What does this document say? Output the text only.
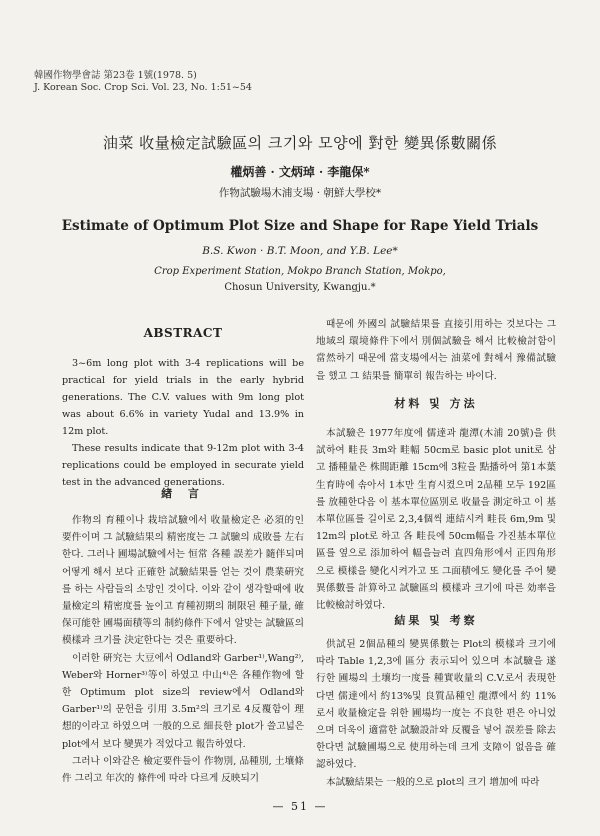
韓國作物學會誌 第23卷 1號(1978. 5)
J. Korean Soc. Crop Sci. Vol. 23, No. 1:51~54
油菜 收量檢定試驗區의 크기와 모양에 對한 變異係數關係
權炳善 · 文炳琸 · 李龍保*
作物試驗場木浦支場 · 朝鮮大學校*
Estimate of Optimum Plot Size and Shape for Rape Yield Trials
B.S. Kwon · B.T. Moon, and Y.B. Lee*
Crop Experiment Station, Mokpo Branch Station, Mokpo,
Chosun University, Kwangju.*
ABSTRACT

3~6m long plot with 3-4 replications will be practical for yield trials in the early hybrid generations. The C.V. values with 9m long plot was about 6.6% in variety Yudal and 13.9% in 12m plot.

These results indicate that 9-12m plot with 3-4 replications could be employed in securate yield test in the advanced generations.

緖 言

作物의 育種이나 栽培試驗에서 收量檢定은 必須的인 要件이며 그 試驗結果의 精密度는 그 試驗의 成敗를 左右한다. 그러나 圃場試驗에서는 恒常 各種 誤差가 隨伴되며 어떻게 해서 보다 正確한 試驗結果를 얻는 것이 農業硏究를 하는 사람들의 소망인 것이다. 이와 같이 생각할때에 收量檢定의 精密度를 높이고 育種初期의 制限된 種子量, 確保可能한 圃場面積等의 制約條件下에서 알맞는 試驗區의 模樣과 크기를 決定한다는 것은 重要하다.

이러한 硏究는 大豆에서 Odland와 Garber¹⁾,Wang²⁾, Weber와 Horner³⁾等이 하였고 中山⁴⁾은 各種作物에 할한 Optimum plot size의 review에서 Odland와 Garber¹⁾의 문헌을 引用 3.5m²의 크기로 4反覆함이 理想的이라고 하였으며 一般的으로 細長한 plot가 쓸고넓은 plot에서 보다 變異가 적었다고 報告하였다.

그러나 이와같은 檢定要件들이 作物別, 品種別, 土壤條件 그리고 年次的 條件에 따라 다르게 反映되기

때문에 外國의 試驗結果를 直接引用하는 것보다는 그 地域의 環境條件下에서 別個試驗을 해서 比較檢討함이 當然하기 때문에 當支場에서는 油菜에 對해서 豫備試驗을 했고 그 結果를 簡單히 報告하는 바이다.

材料 및 方法

本試驗은 1977年度에 儒達과 龍潭(木浦 20號)을 供試하여 畦長 3m와 畦幅 50cm로 basic plot unit로 삼고 播種量은 株間距離 15cm에 3粒을 點播하여 第1本葉 生育時에 솎아서 1本만 生育시켰으며 2品種 모두 192區를 放種한다음 이 基本單位區別로 收量을 測定하고 이 基本單位區를 길이로 2,3,4個씩 連結시켜 畦長 6m,9m 및 12m의 plot로 하고 各 畦長에 50cm幅을 가진基本單位區를 옆으로 添加하여 幅을늘려 直四角形에서 正四角形으로 模樣을 變化시켜가고 또 그面積에도 變化를 주어 變異係數를 計算하고 試驗區의 模樣과 크기에 따른 効率을 比較檢討하였다.

結果 및 考察

供試된 2個品種의 變異係數는 Plot의 模樣과 크기에 따라 Table 1,2,3에 區分 表示되어 있으며 本試驗을 遂行한 圃場의 土壤均一度를 種實收量의 C.V.로서 表現한다면 儒達에서 約13%및 良質品種인 龍潭에서 約 11%로서 收量檢定을 위한 圃場均一度는 不良한 편은 아니었으며 더욱이 適當한 試驗設計와 反覆을 넣어 誤差를 除去한다면 試驗圃場으로 使用하는데 크게 支障이 없음을 確認하였다.

本試驗結果는 一般的으로 plot의 크기 增加에 따라

— 51 —
